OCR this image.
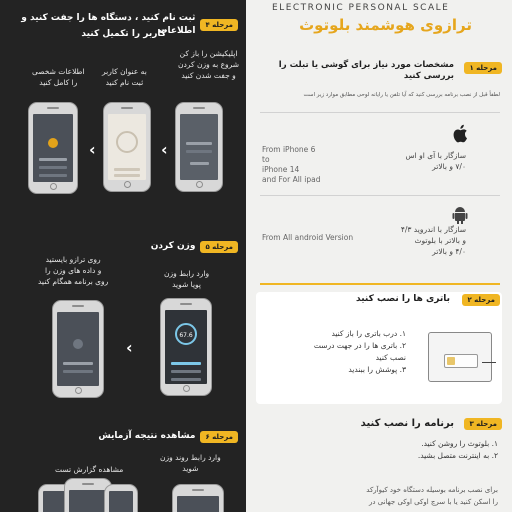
مرحله ۴
ثبت نام کنید ، دستگاه ها را جفت کنید و اطلاعات
کاربر را تکمیل کنید
اپلیکیشن را باز کن
شروع به وزن کردن
و جفت شدن کنید
به عنوان کاربر
ثبت نام کنید
اطلاعات شخصی
را کامل کنید
‹
‹
مرحله ۵
وزن کردن
وارد رابط وزن
پویا شوید
روی ترازو بایستید
و داده های وزن را
روی برنامه همگام کنید
67.6
‹
مرحله ۶
مشاهده نتیجه آزمایش
وارد رابط روند وزن
شوید
مشاهده گزارش تست
ELECTRONIC PERSONAL SCALE
ترازوی هوشمند بلوتوث
مرحله ۱
مشخصات مورد نیاز برای گوشی یا تبلت را
بررسی کنید
لطفاً قبل از نصب برنامه بررسی کنید که آیا تلفن یا رایانه لوحی مطابق موارد زیر است
From iPhone 6
to
iPhone 14
and For All ipad
سازگار با آی او اس
۷/۰ و بالاتر
From All android Version
سازگار با اندروید ۴/۳
و بالاتر با بلوتوث
۴/۰ و بالاتر
مرحله ۲
باتری ها را نصب کنید
۱. درب باتری را باز کنید
۲. باتری ها را در جهت درست
نصب کنید
۳. پوشش را ببندید
مرحله ۳
برنامه را نصب کنید
۱. بلوتوث را روشن کنید.
۲. به اینترنت متصل بشید.
برای نصب برنامه بوسیله دستگاه خود کیوآرکد
را اسکن کنید یا با سرچ اوکی اوکی جهانی در
